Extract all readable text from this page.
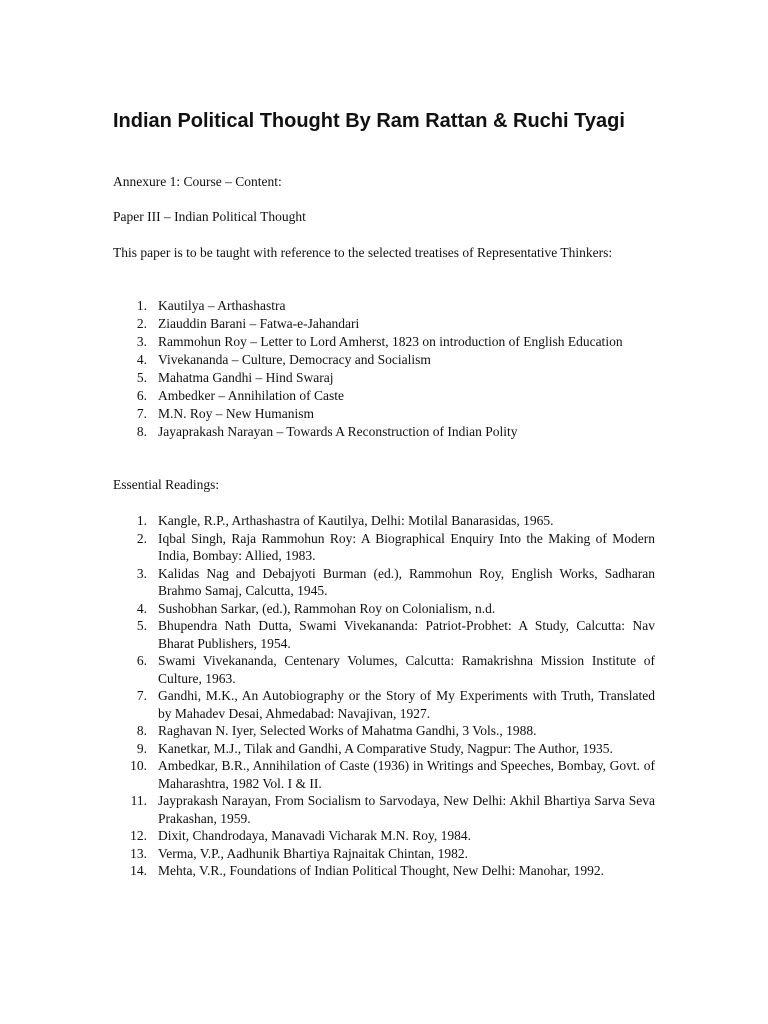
Indian Political Thought By Ram Rattan & Ruchi Tyagi

Annexure 1: Course – Content:

Paper III – Indian Political Thought

This paper is to be taught with reference to the selected treatises of Representative Thinkers:

1. Kautilya – Arthashastra
2. Ziauddin Barani – Fatwa-e-Jahandari
3. Rammohun Roy – Letter to Lord Amherst, 1823 on introduction of English Education
4. Vivekananda – Culture, Democracy and Socialism
5. Mahatma Gandhi – Hind Swaraj
6. Ambedker – Annihilation of Caste
7. M.N. Roy – New Humanism
8. Jayaprakash Narayan – Towards A Reconstruction of Indian Polity

Essential Readings:

1. Kangle, R.P., Arthashastra of Kautilya, Delhi: Motilal Banarasidas, 1965.
2. Iqbal Singh, Raja Rammohun Roy: A Biographical Enquiry Into the Making of Modern India, Bombay: Allied, 1983.
3. Kalidas Nag and Debajyoti Burman (ed.), Rammohun Roy, English Works, Sadharan Brahmo Samaj, Calcutta, 1945.
4. Sushobhan Sarkar, (ed.), Rammohan Roy on Colonialism, n.d.
5. Bhupendra Nath Dutta, Swami Vivekananda: Patriot-Probhet: A Study, Calcutta: Nav Bharat Publishers, 1954.
6. Swami Vivekananda, Centenary Volumes, Calcutta: Ramakrishna Mission Institute of Culture, 1963.
7. Gandhi, M.K., An Autobiography or the Story of My Experiments with Truth, Translated by Mahadev Desai, Ahmedabad: Navajivan, 1927.
8. Raghavan N. Iyer, Selected Works of Mahatma Gandhi, 3 Vols., 1988.
9. Kanetkar, M.J., Tilak and Gandhi, A Comparative Study, Nagpur: The Author, 1935.
10. Ambedkar, B.R., Annihilation of Caste (1936) in Writings and Speeches, Bombay, Govt. of Maharashtra, 1982 Vol. I & II.
11. Jayprakash Narayan, From Socialism to Sarvodaya, New Delhi: Akhil Bhartiya Sarva Seva Prakashan, 1959.
12. Dixit, Chandrodaya, Manavadi Vicharak M.N. Roy, 1984.
13. Verma, V.P., Aadhunik Bhartiya Rajnaitak Chintan, 1982.
14. Mehta, V.R., Foundations of Indian Political Thought, New Delhi: Manohar, 1992.
